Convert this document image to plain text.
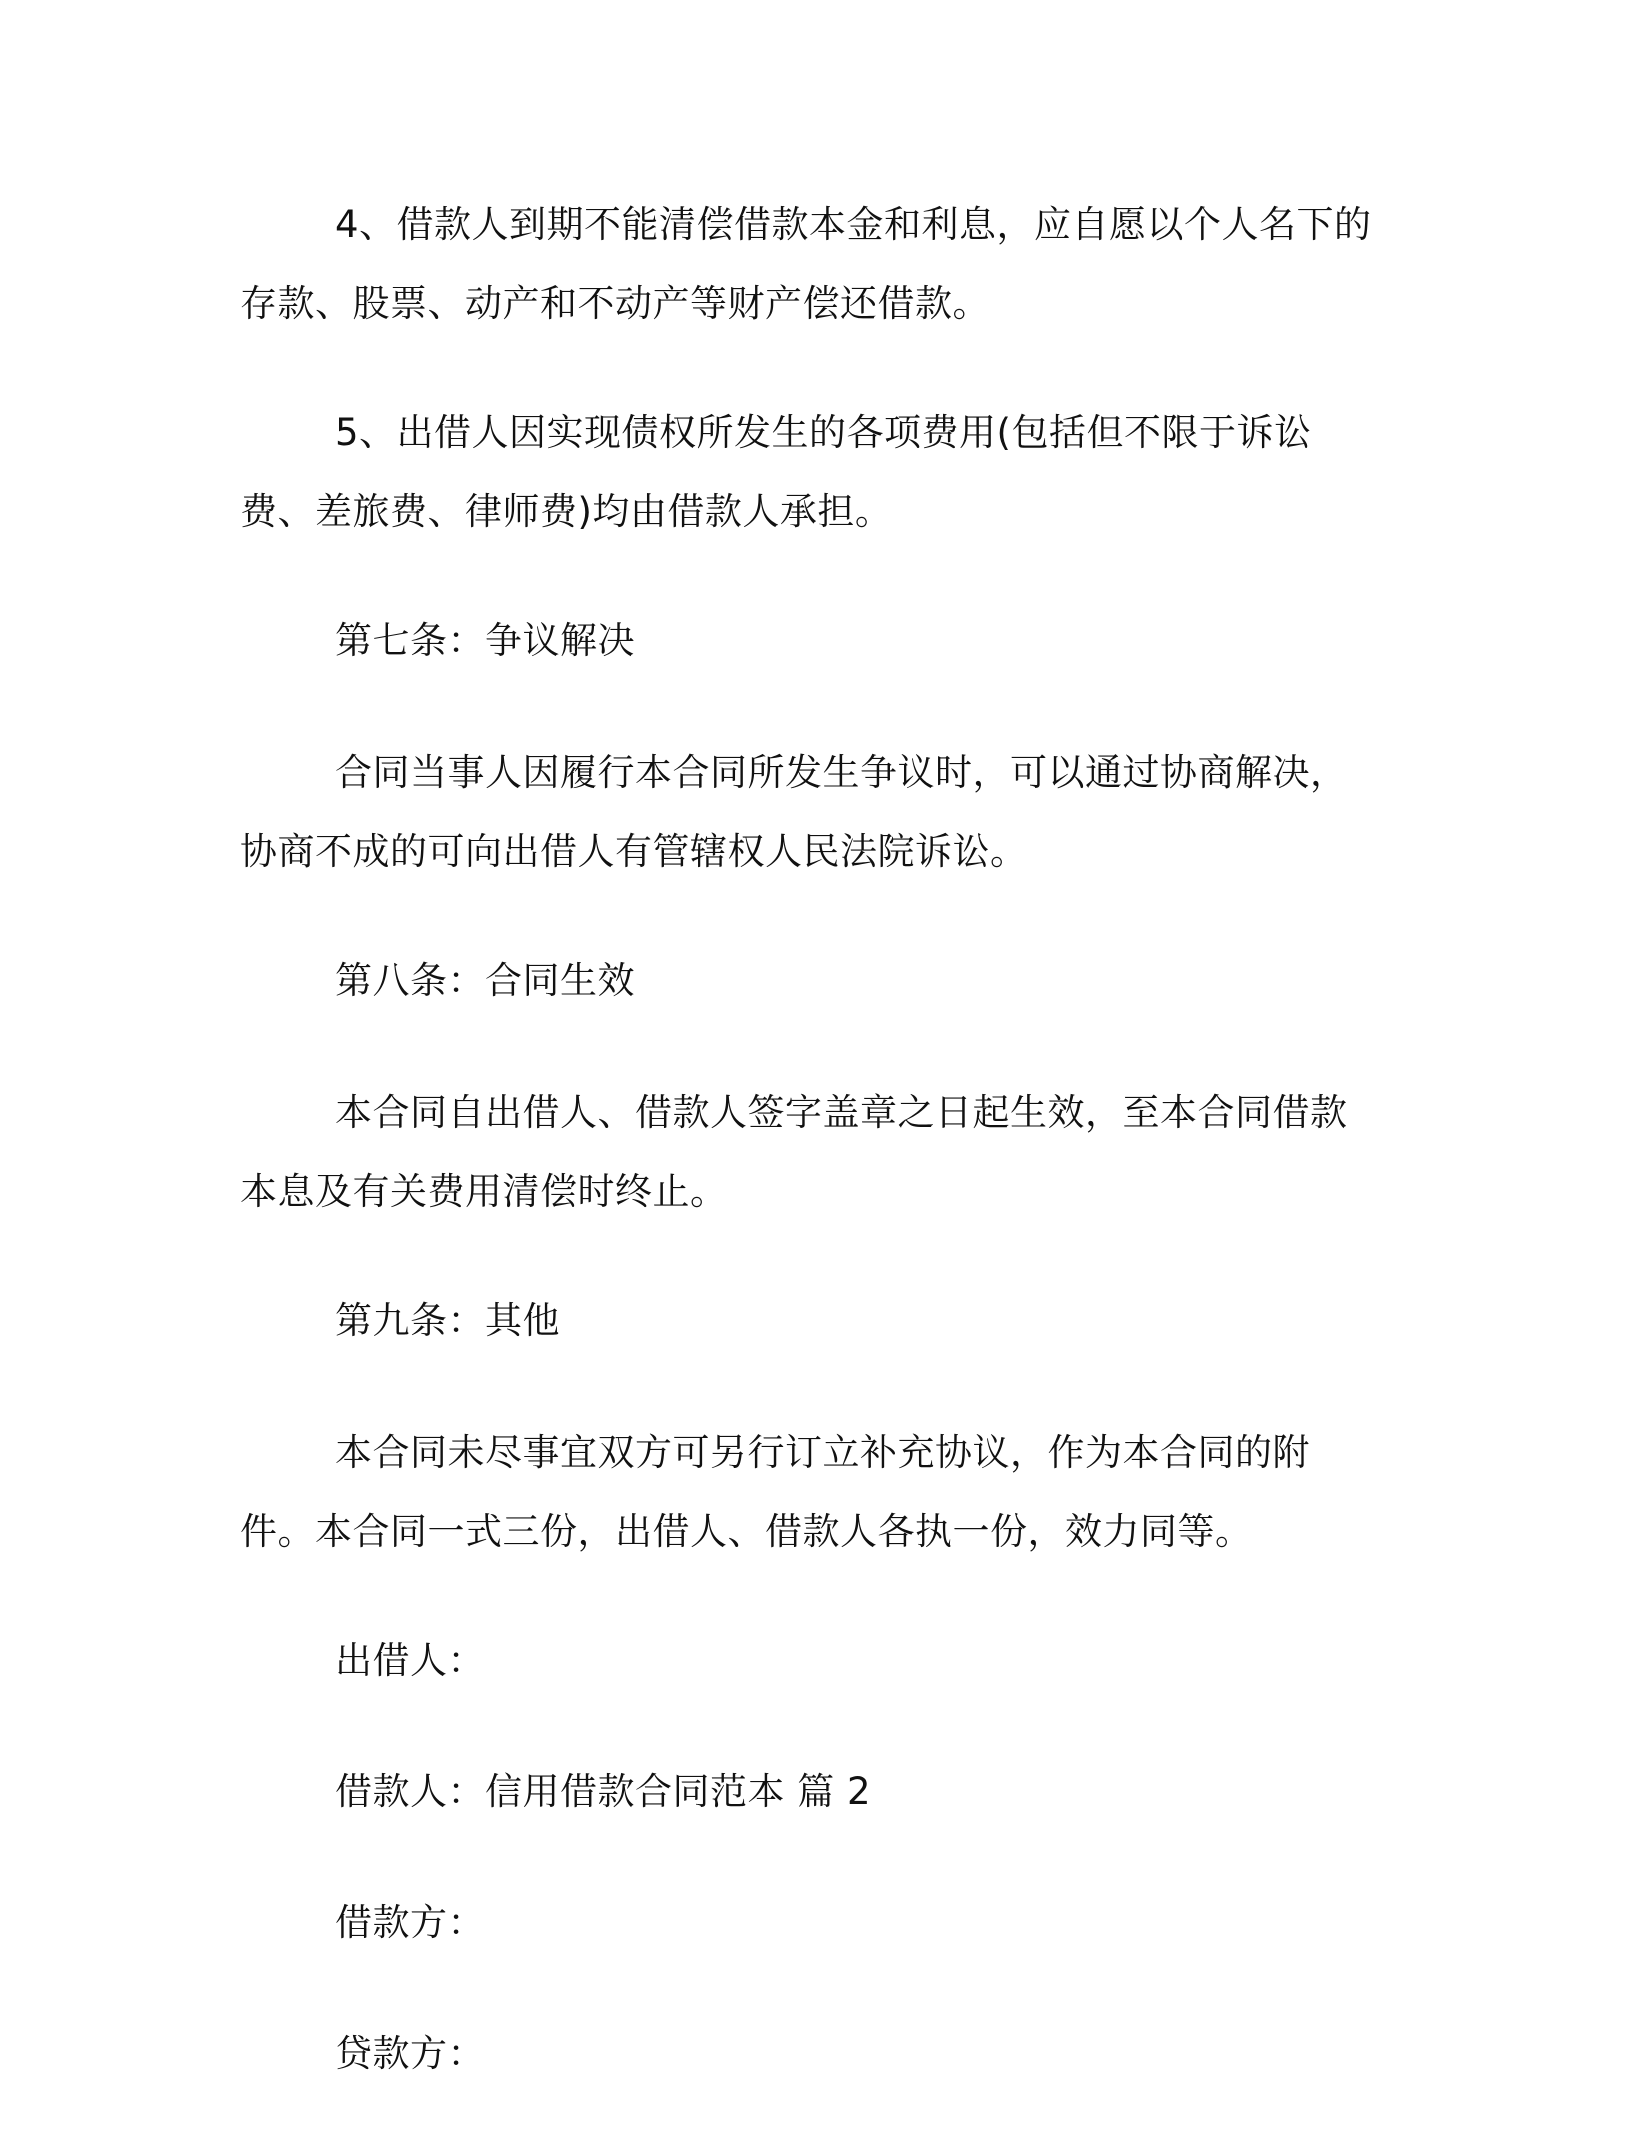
4、借款人到期不能清偿借款本金和利息，应自愿以个人名下的存款、股票、动产和不动产等财产偿还借款。

5、出借人因实现债权所发生的各项费用(包括但不限于诉讼费、差旅费、律师费)均由借款人承担。

第七条：争议解决

合同当事人因履行本合同所发生争议时，可以通过协商解决，协商不成的可向出借人有管辖权人民法院诉讼。

第八条：合同生效

本合同自出借人、借款人签字盖章之日起生效，至本合同借款本息及有关费用清偿时终止。

第九条：其他

本合同未尽事宜双方可另行订立补充协议，作为本合同的附件。本合同一式三份，出借人、借款人各执一份，效力同等。

出借人：

借款人：信用借款合同范本 篇 2

借款方：

贷款方：
